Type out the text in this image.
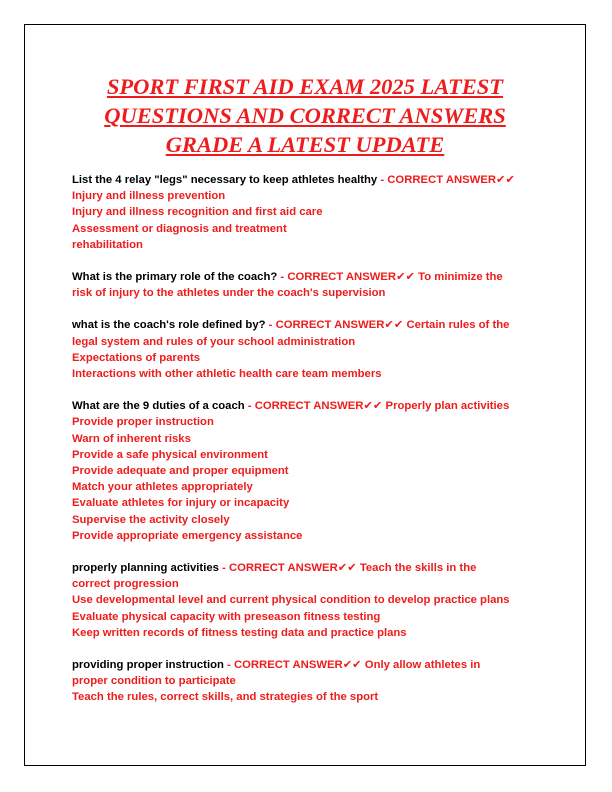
SPORT FIRST AID EXAM 2025 LATEST
QUESTIONS AND CORRECT ANSWERS
GRADE A LATEST UPDATE
List the 4 relay "legs" necessary to keep athletes healthy - CORRECT ANSWER✔✔
Injury and illness prevention
Injury and illness recognition and first aid care
Assessment or diagnosis and treatment
rehabilitation
What is the primary role of the coach? - CORRECT ANSWER✔✔ To minimize the
risk of injury to the athletes under the coach's supervision
what is the coach's role defined by? - CORRECT ANSWER✔✔ Certain rules of the
legal system and rules of your school administration
Expectations of parents
Interactions with other athletic health care team members
What are the 9 duties of a coach - CORRECT ANSWER✔✔ Properly plan activities
Provide proper instruction
Warn of inherent risks
Provide a safe physical environment
Provide adequate and proper equipment
Match your athletes appropriately
Evaluate athletes for injury or incapacity
Supervise the activity closely
Provide appropriate emergency assistance
properly planning activities - CORRECT ANSWER✔✔ Teach the skills in the
correct progression
Use developmental level and current physical condition to develop practice plans
Evaluate physical capacity with preseason fitness testing
Keep written records of fitness testing data and practice plans
providing proper instruction - CORRECT ANSWER✔✔ Only allow athletes in
proper condition to participate
Teach the rules, correct skills, and strategies of the sport
